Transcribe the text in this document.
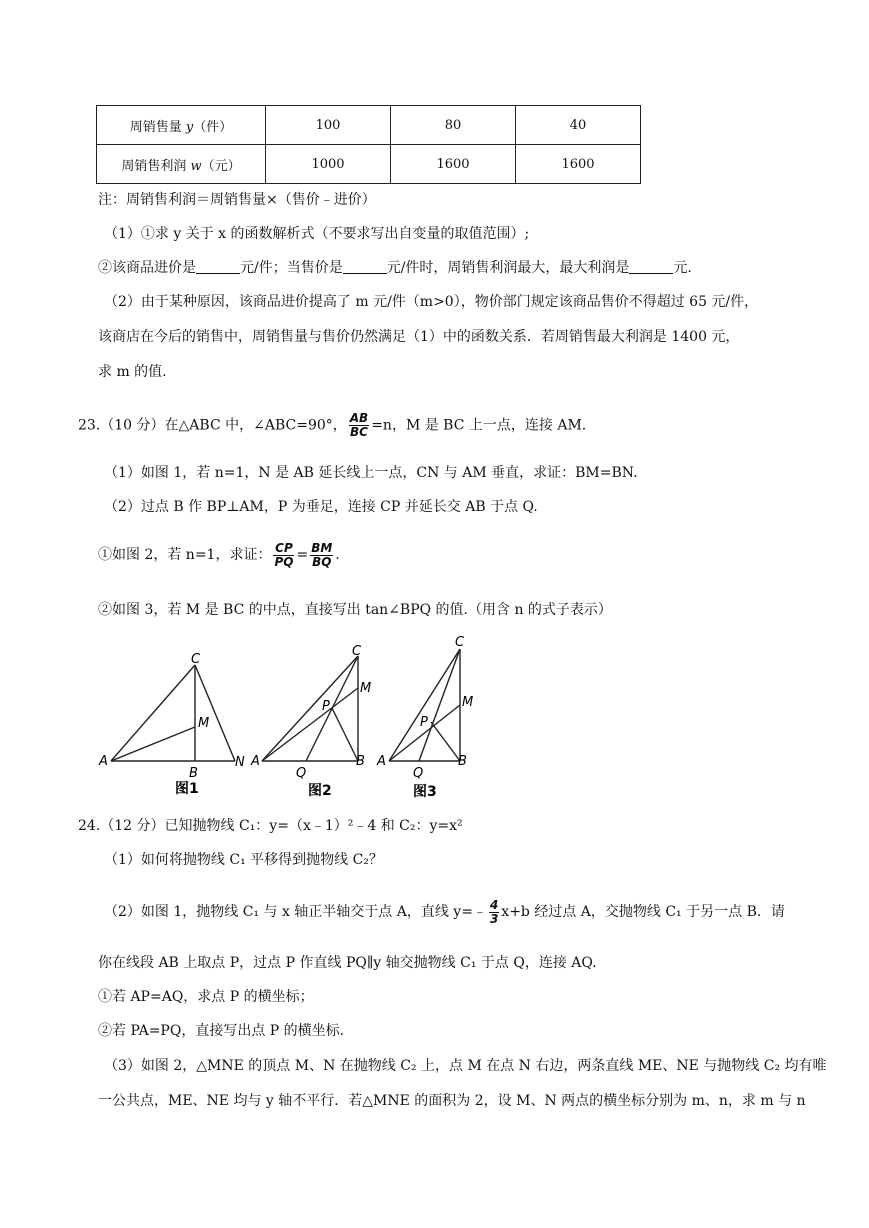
周销售量 y（件）	100	80	40
周销售利润 w（元）	1000	1600	1600
注：周销售利润＝周销售量×（售价﹣进价）
（1）①求 y 关于 x 的函数解析式（不要求写出自变量的取值范围）;
②该商品进价是	元/件；当售价是	元/件时，周销售利润最大，最大利润是	元.
（2）由于某种原因，该商品进价提高了 m 元/件（m>0），物价部门规定该商品售价不得超过 65 元/件，
该商店在今后的销售中，周销售量与售价仍然满足（1）中的函数关系．若周销售最大利润是 1400 元，
求 m 的值.
23.（10 分）在△ABC 中，∠ABC=90°， $\frac{AB}{BC} =n$，M 是 BC 上一点，连接 AM.
（1）如图 1，若 n=1，N 是 AB 延长线上一点，CN 与 AM 垂直，求证：BM=BN.
（2）过点 B 作 BP⊥AM，P 为垂足，连接 CP 并延长交 AB 于点 Q.
①如图 2，若 n=1，求证： $\frac{CP}{PQ} = \frac{BM}{BQ}$ .
②如图 3，若 M 是 BC 的中点，直接写出 tan∠BPQ 的值.（用含 n 的式子表示）
C
M
A
B
N
图1
C
M
P
A
Q
B
图2
C
M
P
A
Q
B
图3
24.（12 分）已知抛物线 C₁：y=（x﹣1）²﹣4 和 C₂：y=x²
（1）如何将抛物线 C₁ 平移得到抛物线 C₂？
（2）如图 1，抛物线 C₁ 与 x 轴正半轴交于点 A，直线 y=﹣ $\frac{4}{3} x+b$ 经过点 A，交抛物线 C₁ 于另一点 B．请
你在线段 AB 上取点 P，过点 P 作直线 PQ∥y 轴交抛物线 C₁ 于点 Q，连接 AQ.
①若 AP=AQ，求点 P 的横坐标；
②若 PA=PQ，直接写出点 P 的横坐标.
（3）如图 2，△MNE 的顶点 M、N 在抛物线 C₂ 上，点 M 在点 N 右边，两条直线 ME、NE 与抛物线 C₂ 均有唯
一公共点，ME、NE 均与 y 轴不平行．若△MNE 的面积为 2，设 M、N 两点的横坐标分别为 m、n，求 m 与 n
